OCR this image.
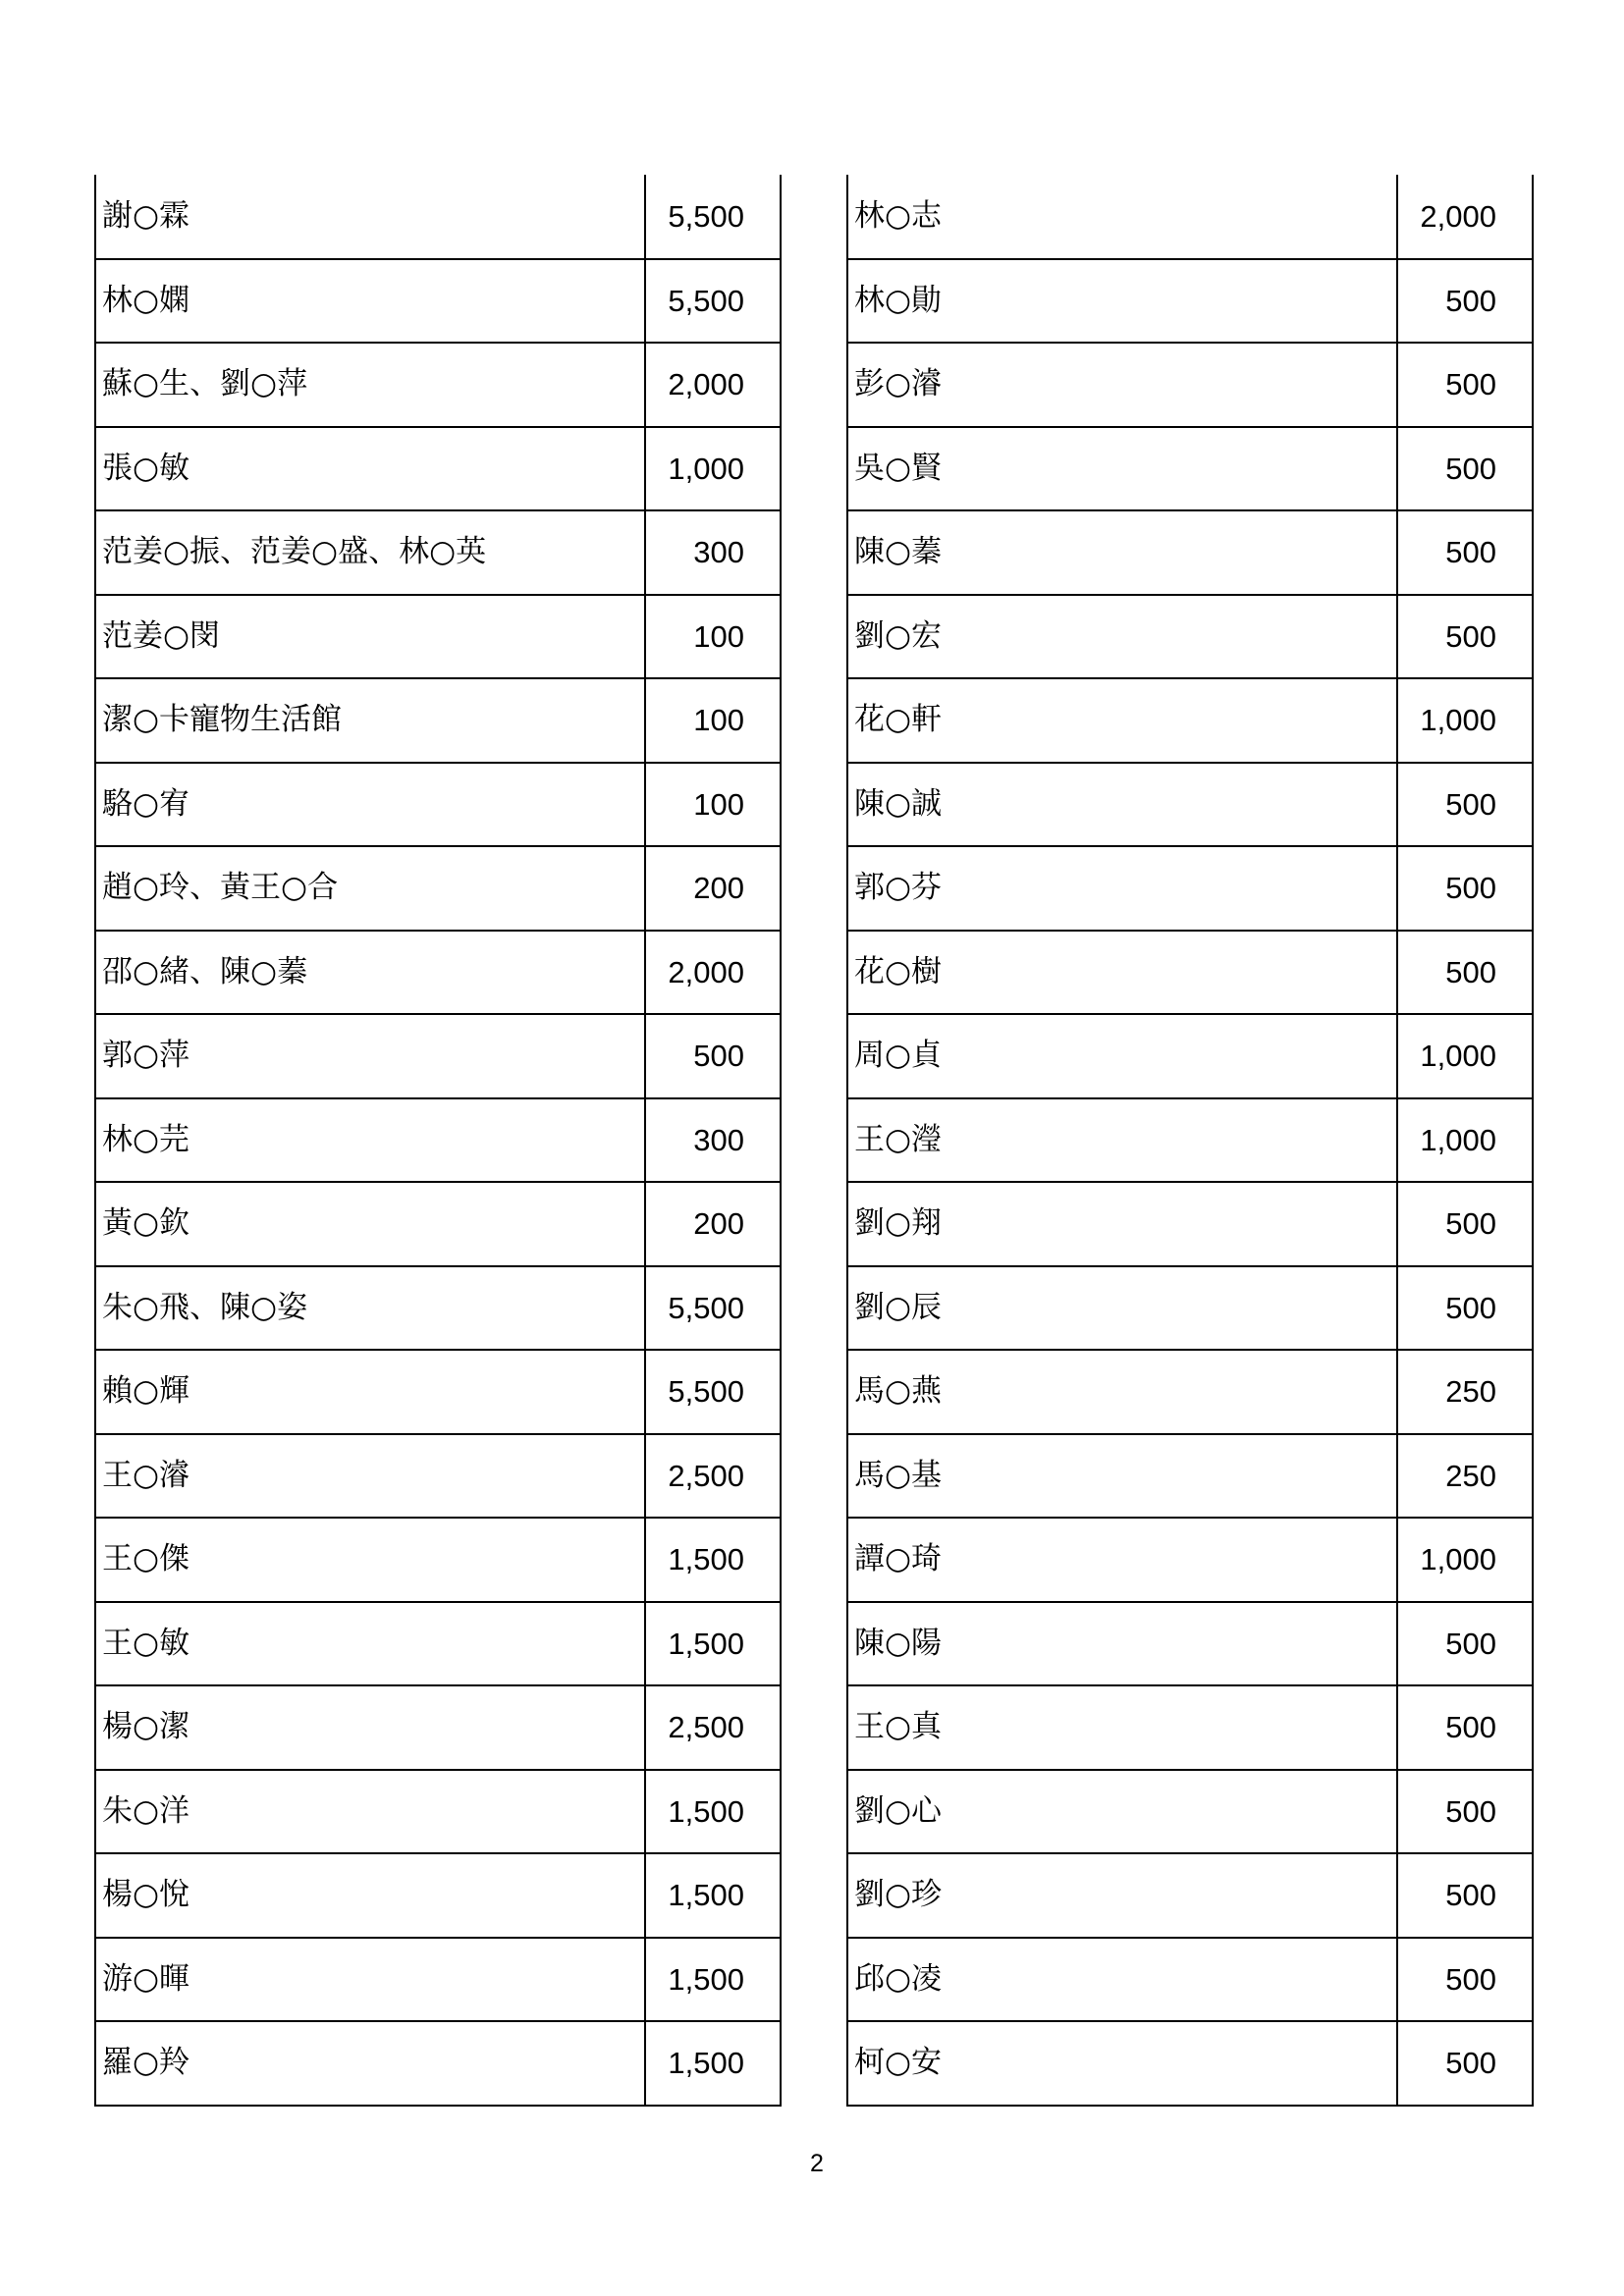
謝○霖	5,500
林○嫻	5,500
蘇○生、劉○萍	2,000
張○敏	1,000
范姜○振、范姜○盛、林○英	300
范姜○閔	100
潔○卡寵物生活館	100
駱○宥	100
趙○玲、黃王○合	200
邵○緒、陳○蓁	2,000
郭○萍	500
林○芫	300
黃○欽	200
朱○飛、陳○姿	5,500
賴○輝	5,500
王○濬	2,500
王○傑	1,500
王○敏	1,500
楊○潔	2,500
朱○洋	1,500
楊○悅	1,500
游○暉	1,500
羅○羚	1,500
林○志	2,000
林○勛	500
彭○濬	500
吳○賢	500
陳○蓁	500
劉○宏	500
花○軒	1,000
陳○誠	500
郭○芬	500
花○樹	500
周○貞	1,000
王○瀅	1,000
劉○翔	500
劉○辰	500
馬○燕	250
馬○基	250
譚○琦	1,000
陳○陽	500
王○真	500
劉○心	500
劉○珍	500
邱○凌	500
柯○安	500
2
